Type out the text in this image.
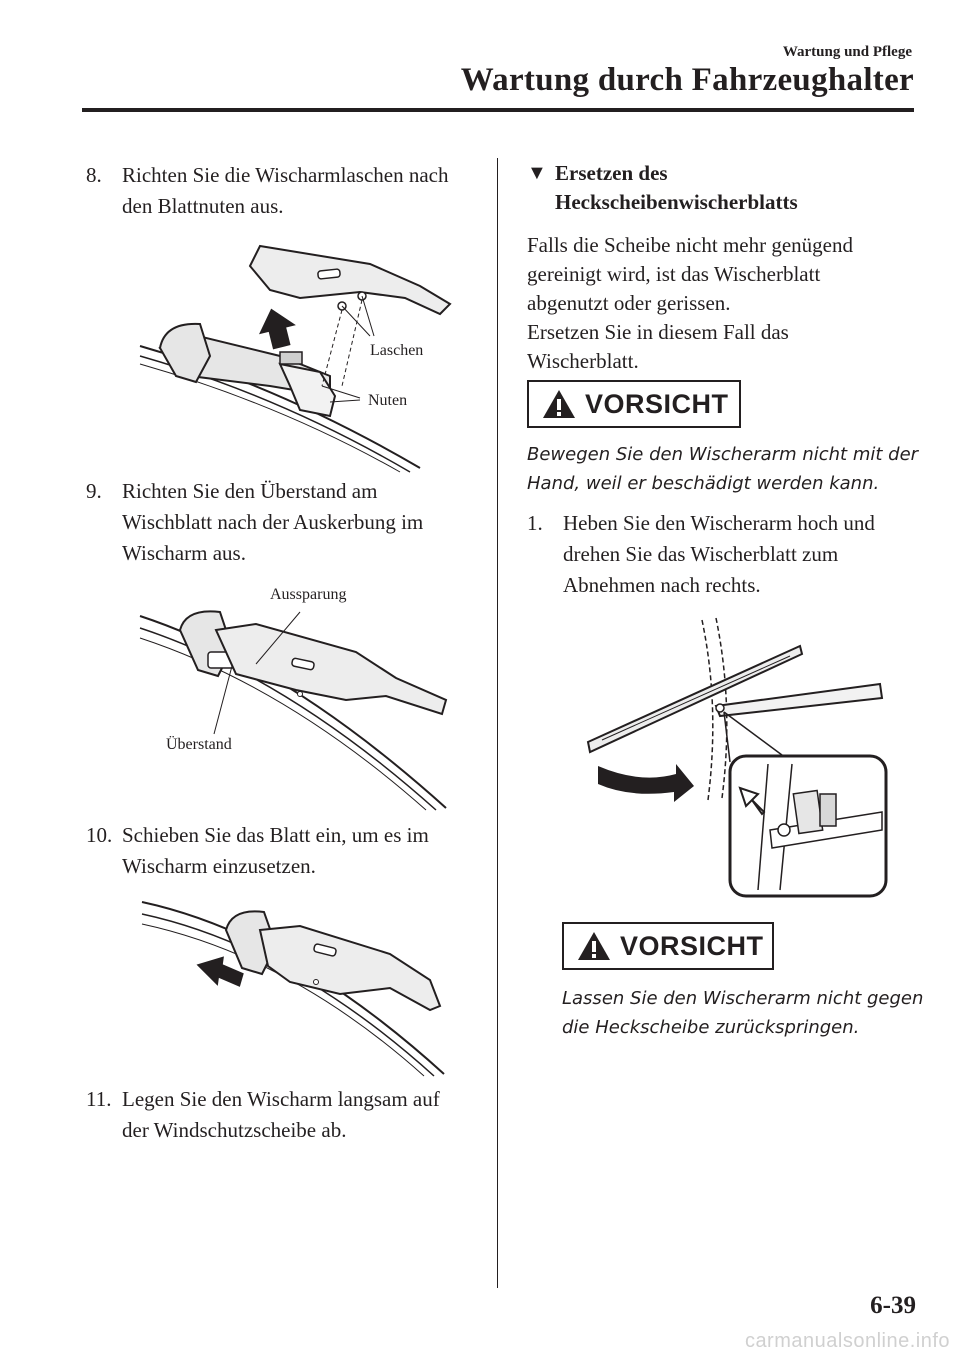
Wartung und Pflege
Wartung durch Fahrzeughalter
8. Richten Sie die Wischarmlaschen nach
den Blattnuten aus.
Laschen
Nuten
9. Richten Sie den Überstand am
Wischblatt nach der Auskerbung im
Wischarm aus.
Aussparung
Überstand
10. Schieben Sie das Blatt ein, um es im
Wischarm einzusetzen.
11. Legen Sie den Wischarm langsam auf
der Windschutzscheibe ab.
▼ Ersetzen des
Heckscheibenwischerblatts
Falls die Scheibe nicht mehr genügend
gereinigt wird, ist das Wischerblatt
abgenutzt oder gerissen.
Ersetzen Sie in diesem Fall das
Wischerblatt.
VORSICHT
Bewegen Sie den Wischerarm nicht mit der
Hand, weil er beschädigt werden kann.
1. Heben Sie den Wischerarm hoch und
drehen Sie das Wischerblatt zum
Abnehmen nach rechts.
VORSICHT
Lassen Sie den Wischerarm nicht gegen
die Heckscheibe zurückspringen.
6-39
carmanualsonline.info
